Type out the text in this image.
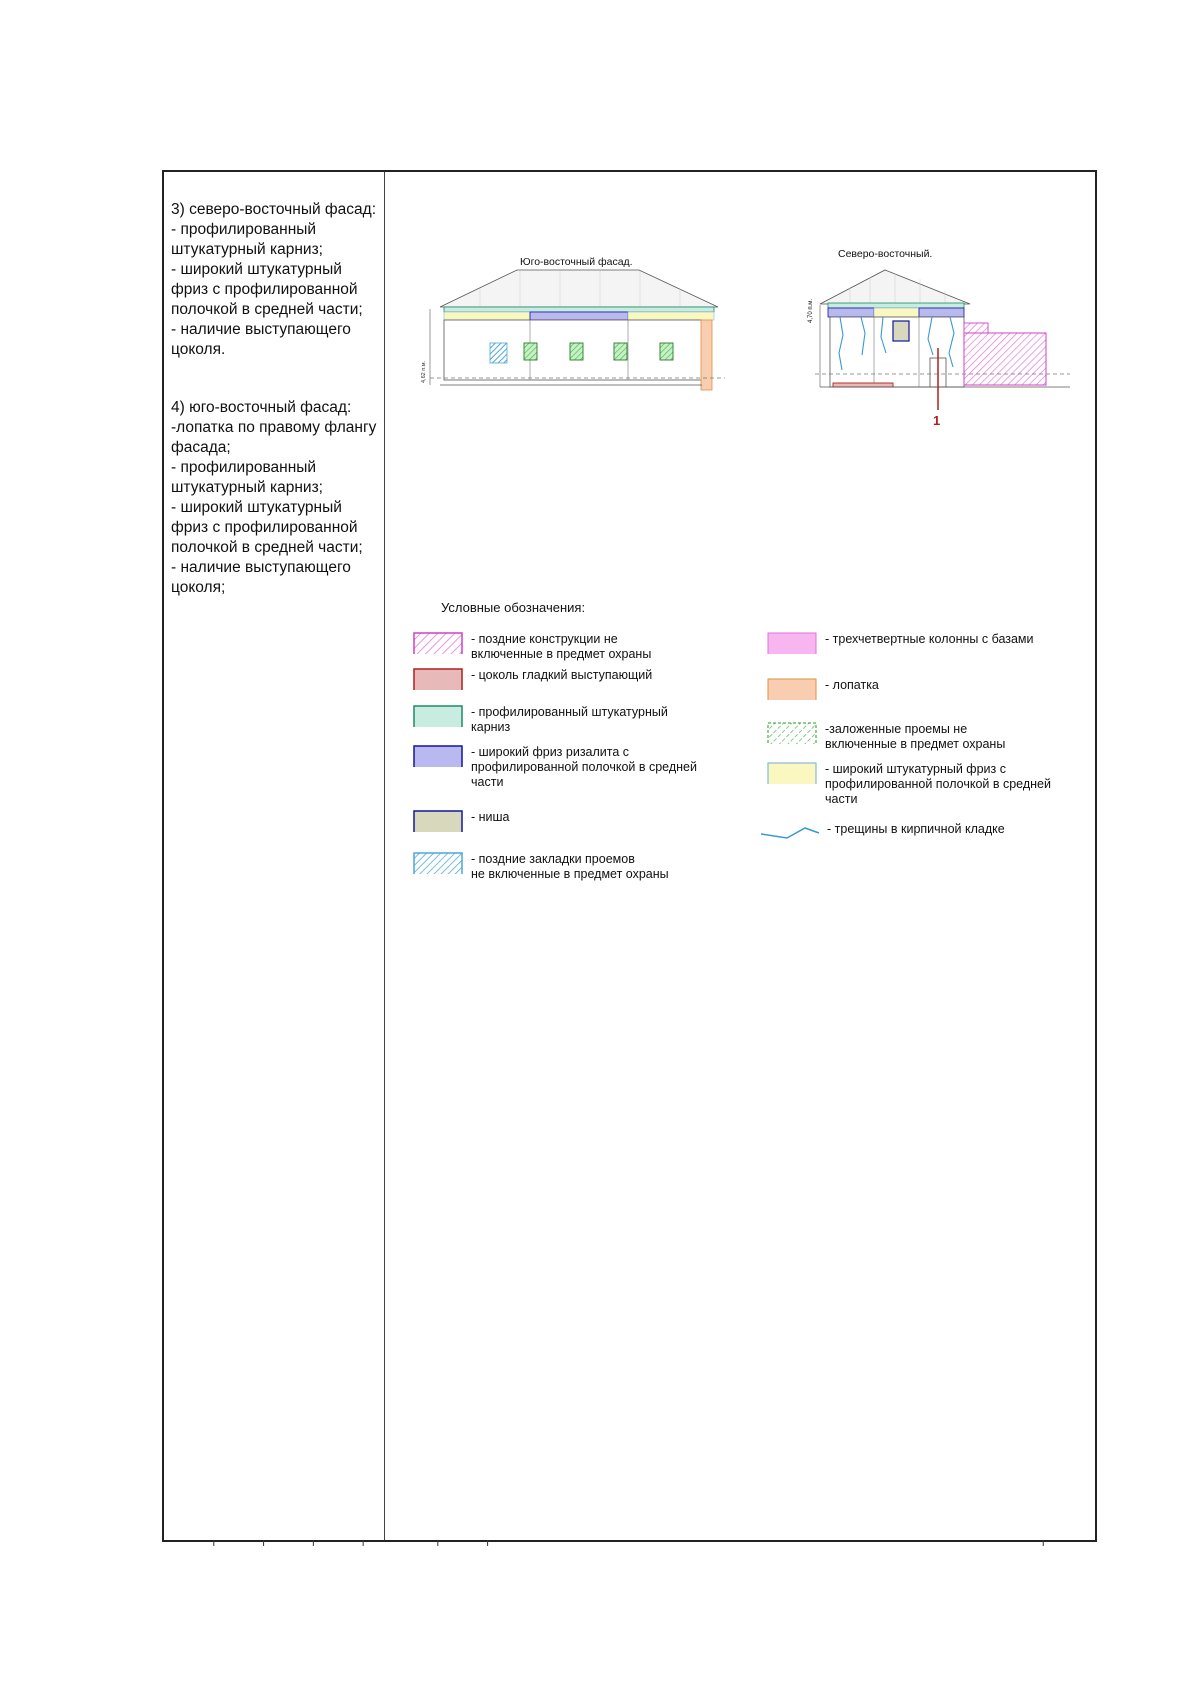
3) северо-восточный фасад:
- профилированный
штукатурный карниз;
- широкий штукатурный
фриз с профилированной
полочкой в средней части;
- наличие выступающего
цоколя.

4) юго-восточный фасад:
-лопатка по правому флангу
фасада;
- профилированный
штукатурный карниз;
- широкий штукатурный
фриз с профилированной
полочкой в средней части;
- наличие выступающего
цоколя;

Юго-восточный фасад.
Северо-восточный.
4,62 п.м.
1
4,70 п.м.
Условные обозначения:
- поздние конструкции не
включенные в предмет охраны
- цоколь гладкий выступающий
- профилированный штукатурный
карниз
- широкий фриз ризалита с
профилированной полочкой в средней
части
- ниша
- поздние закладки проемов
не включенные в предмет охраны
- трехчетвертные колонны с базами
- лопатка
-заложенные проемы не
включенные в предмет охраны
- широкий штукатурный фриз с
профилированной полочкой в средней
части
- трещины в кирпичной кладке
